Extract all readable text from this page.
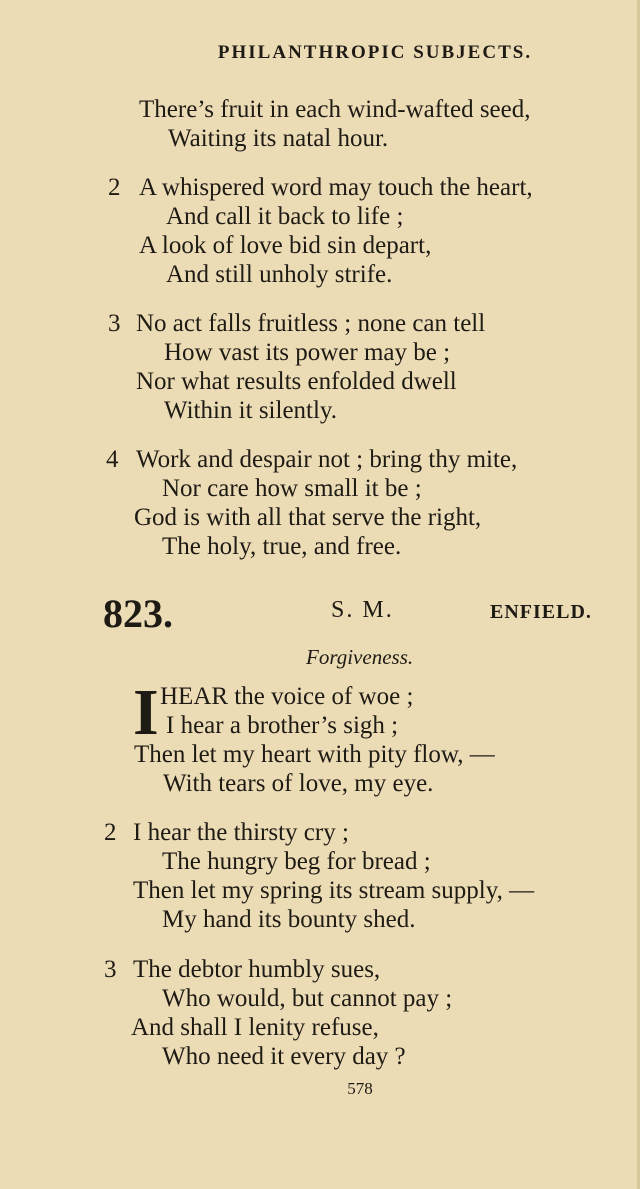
PHILANTHROPIC SUBJECTS.
There’s fruit in each wind-wafted seed,
Waiting its natal hour.
2 A whispered word may touch the heart,
And call it back to life ;
A look of love bid sin depart,
And still unholy strife.
3 No act falls fruitless ; none can tell
How vast its power may be ;
Nor what results enfolded dwell
Within it silently.
4 Work and despair not ; bring thy mite,
Nor care how small it be ;
God is with all that serve the right,
The holy, true, and free.
823.	S. M.	ENFIELD.
Forgiveness.
I HEAR the voice of woe ;
I hear a brother’s sigh ;
Then let my heart with pity flow, —
With tears of love, my eye.
2 I hear the thirsty cry ;
The hungry beg for bread ;
Then let my spring its stream supply, —
My hand its bounty shed.
3 The debtor humbly sues,
Who would, but cannot pay ;
And shall I lenity refuse,
Who need it every day ?
578
